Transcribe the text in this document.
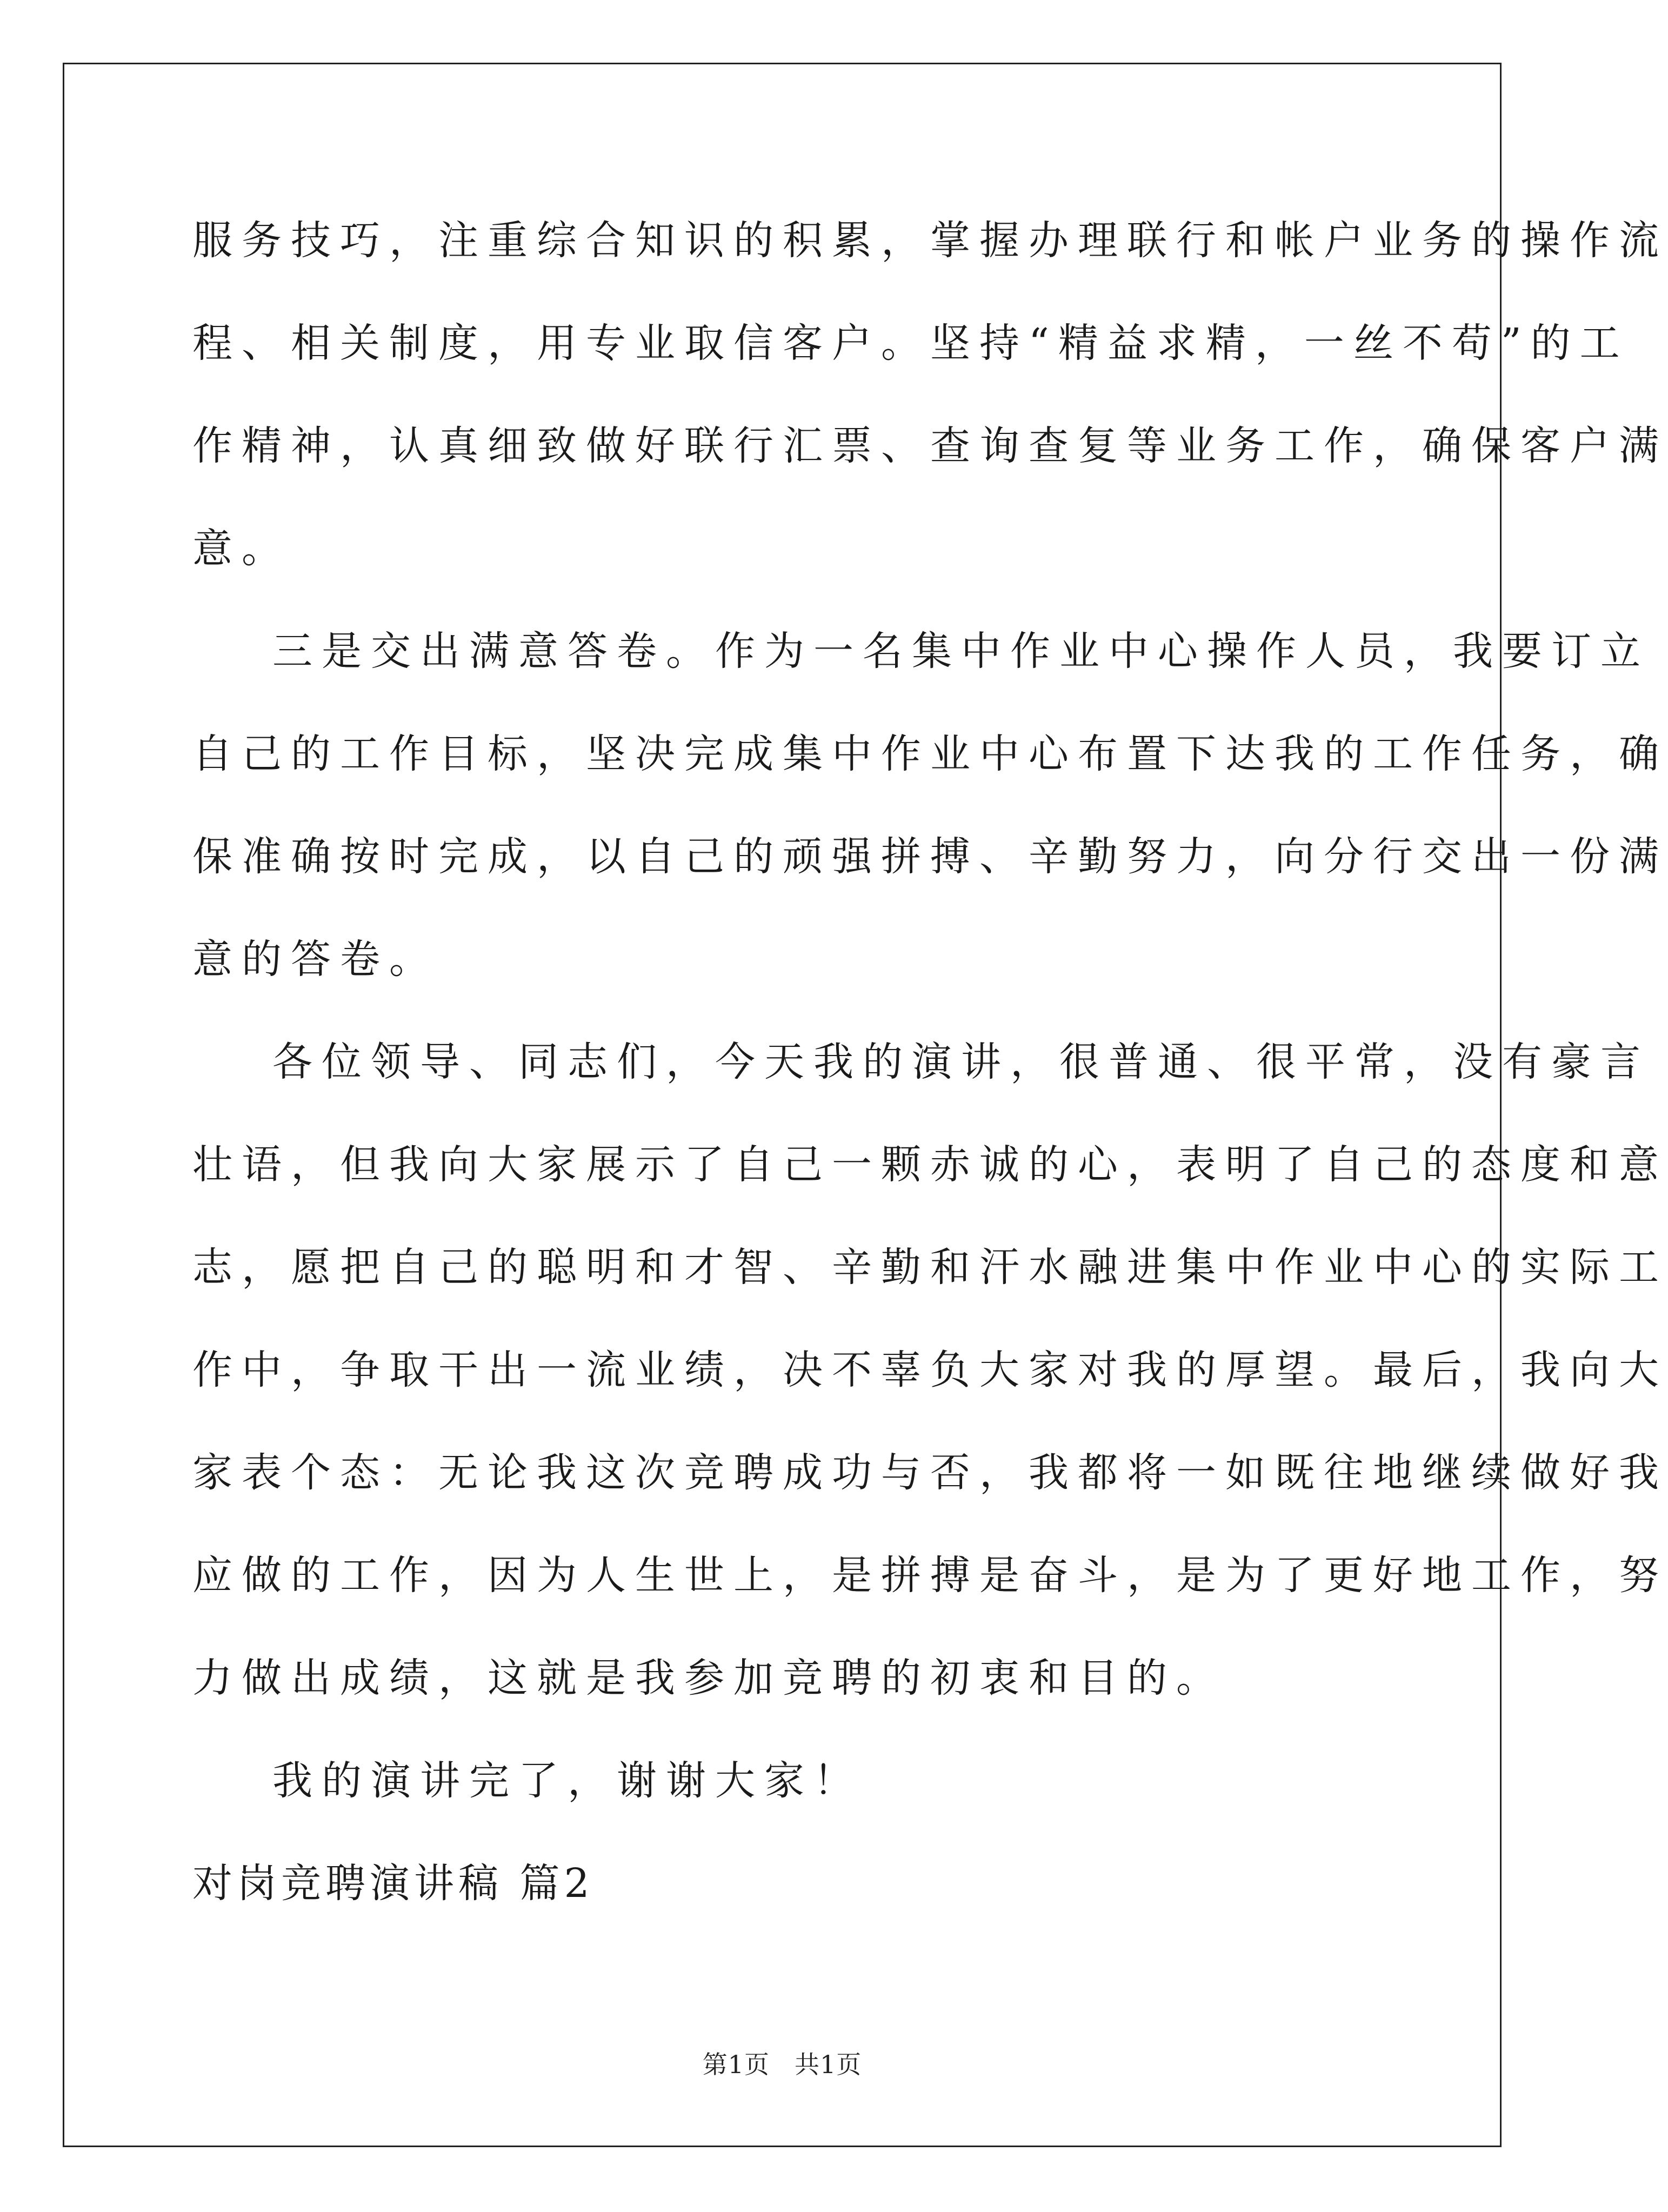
服务技巧，注重综合知识的积累，掌握办理联行和帐户业务的操作流
程、相关制度，用专业取信客户。坚持“精益求精，一丝不苟”的工
作精神，认真细致做好联行汇票、查询查复等业务工作，确保客户满
意。
三是交出满意答卷。作为一名集中作业中心操作人员，我要订立
自己的工作目标，坚决完成集中作业中心布置下达我的工作任务，确
保准确按时完成，以自己的顽强拼搏、辛勤努力，向分行交出一份满
意的答卷。
各位领导、同志们，今天我的演讲，很普通、很平常，没有豪言
壮语，但我向大家展示了自己一颗赤诚的心，表明了自己的态度和意
志，愿把自己的聪明和才智、辛勤和汗水融进集中作业中心的实际工
作中，争取干出一流业绩，决不辜负大家对我的厚望。最后，我向大
家表个态：无论我这次竞聘成功与否，我都将一如既往地继续做好我
应做的工作，因为人生世上，是拼搏是奋斗，是为了更好地工作，努
力做出成绩，这就是我参加竞聘的初衷和目的。
我的演讲完了，谢谢大家！
对岗竞聘演讲稿 篇2
第1页 共1页
